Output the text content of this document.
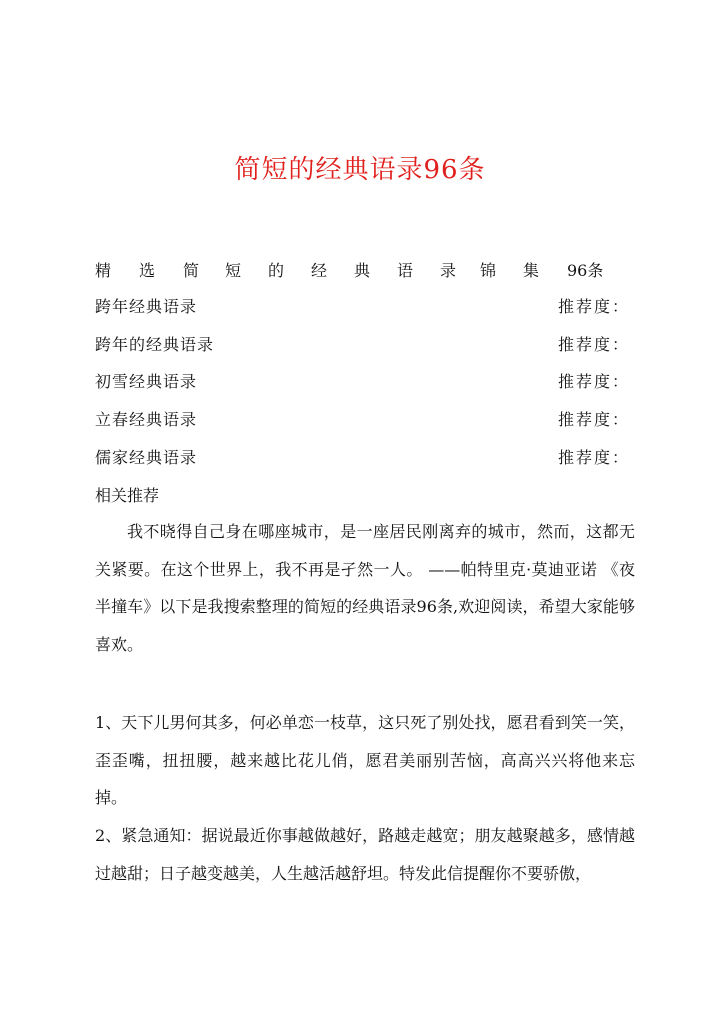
简短的经典语录96条
精 选 简 短 的 经 典 语 录 锦 集 96条
跨年经典语录	推荐度：
跨年的经典语录	推荐度：
初雪经典语录	推荐度：
立春经典语录	推荐度：
儒家经典语录	推荐度：
相关推荐

我不晓得自己身在哪座城市，是一座居民刚离弃的城市，然而，这都无关紧要。在这个世界上，我不再是孑然一人。 ——帕特里克·莫迪亚诺 《夜半撞车》以下是我搜索整理的简短的经典语录96条,欢迎阅读，希望大家能够喜欢。

1、天下儿男何其多，何必单恋一枝草，这只死了别处找，愿君看到笑一笑，歪歪嘴，扭扭腰，越来越比花儿俏，愿君美丽别苦恼，高高兴兴将他来忘掉。

2、紧急通知：据说最近你事越做越好，路越走越宽；朋友越聚越多，感情越过越甜；日子越变越美，人生越活越舒坦。特发此信提醒你不要骄傲，
